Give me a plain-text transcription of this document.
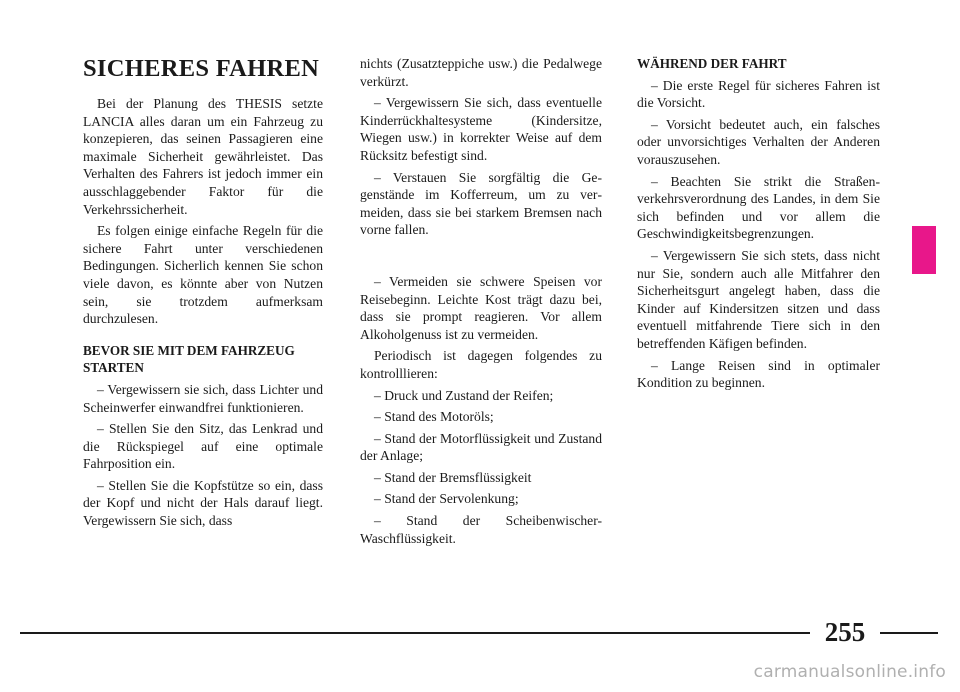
SICHERES FAHREN

Bei der Planung des THESIS setzte LANCIA alles daran um ein Fahrzeug zu konzepieren, das seinen Passagieren eine maximale Sicherheit gewährleistet. Das Verhalten des Fahrers ist jedoch immer ein ausschlaggebender Faktor für die Verkehrssicherheit.

Es folgen einige einfache Regeln für die sichere Fahrt unter verschiedenen Bedingungen. Sicherlich kennen Sie schon viele davon, es könnte aber von Nutzen sein, sie trotzdem aufmerksam durchzulesen.

BEVOR SIE MIT DEM FAHRZEUG STARTEN

– Vergewissern sie sich, dass Lichter und Scheinwerfer einwandfrei funktionieren.

– Stellen Sie den Sitz, das Lenkrad und die Rückspiegel auf eine optimale Fahrposition ein.

– Stellen Sie die Kopfstütze so ein, dass der Kopf und nicht der Hals darauf liegt. Vergewissern Sie sich, dass

nichts (Zusatzteppiche usw.) die Pedalwege verkürzt.

– Vergewissern Sie sich, dass eventuelle Kinderrückhaltesysteme (Kindersitze, Wiegen usw.) in korrekter Weise auf dem Rücksitz befestigt sind.

– Verstauen Sie sorgfältig die Gegenstände im Kofferreum, um zu vermeiden, dass sie bei starkem Bremsen nach vorne fallen.

– Vermeiden sie schwere Speisen vor Reisebeginn. Leichte Kost trägt dazu bei, dass sie prompt reagieren. Vor allem Alkoholgenuss ist zu vermeiden.

Periodisch ist dagegen folgendes zu kontrolllieren:

– Druck und Zustand der Reifen;

– Stand des Motoröls;

– Stand der Motorflüssigkeit und Zustand der Anlage;

– Stand der Bremsflüssigkeit

– Stand der Servolenkung;

– Stand der Scheibenwischer-Waschflüssigkeit.

WÄHREND DER FAHRT

– Die erste Regel für sicheres Fahren ist die Vorsicht.

– Vorsicht bedeutet auch, ein falsches oder unvorsichtiges Verhalten der Anderen vorauszusehen.

– Beachten Sie strikt die Straßenverkehrsverordnung des Landes, in dem Sie sich befinden und vor allem die Geschwindigkeitsbegrenzungen.

– Vergewissern Sie sich stets, dass nicht nur Sie, sondern auch alle Mitfahrer den Sicherheitsgurt angelegt haben, dass die Kinder auf Kindersitzen sitzen und dass eventuell mitfahrende Tiere sich in den betreffenden Käfigen befinden.

– Lange Reisen sind in optimaler Kondition zu beginnen.

255
carmanualsonline.info
